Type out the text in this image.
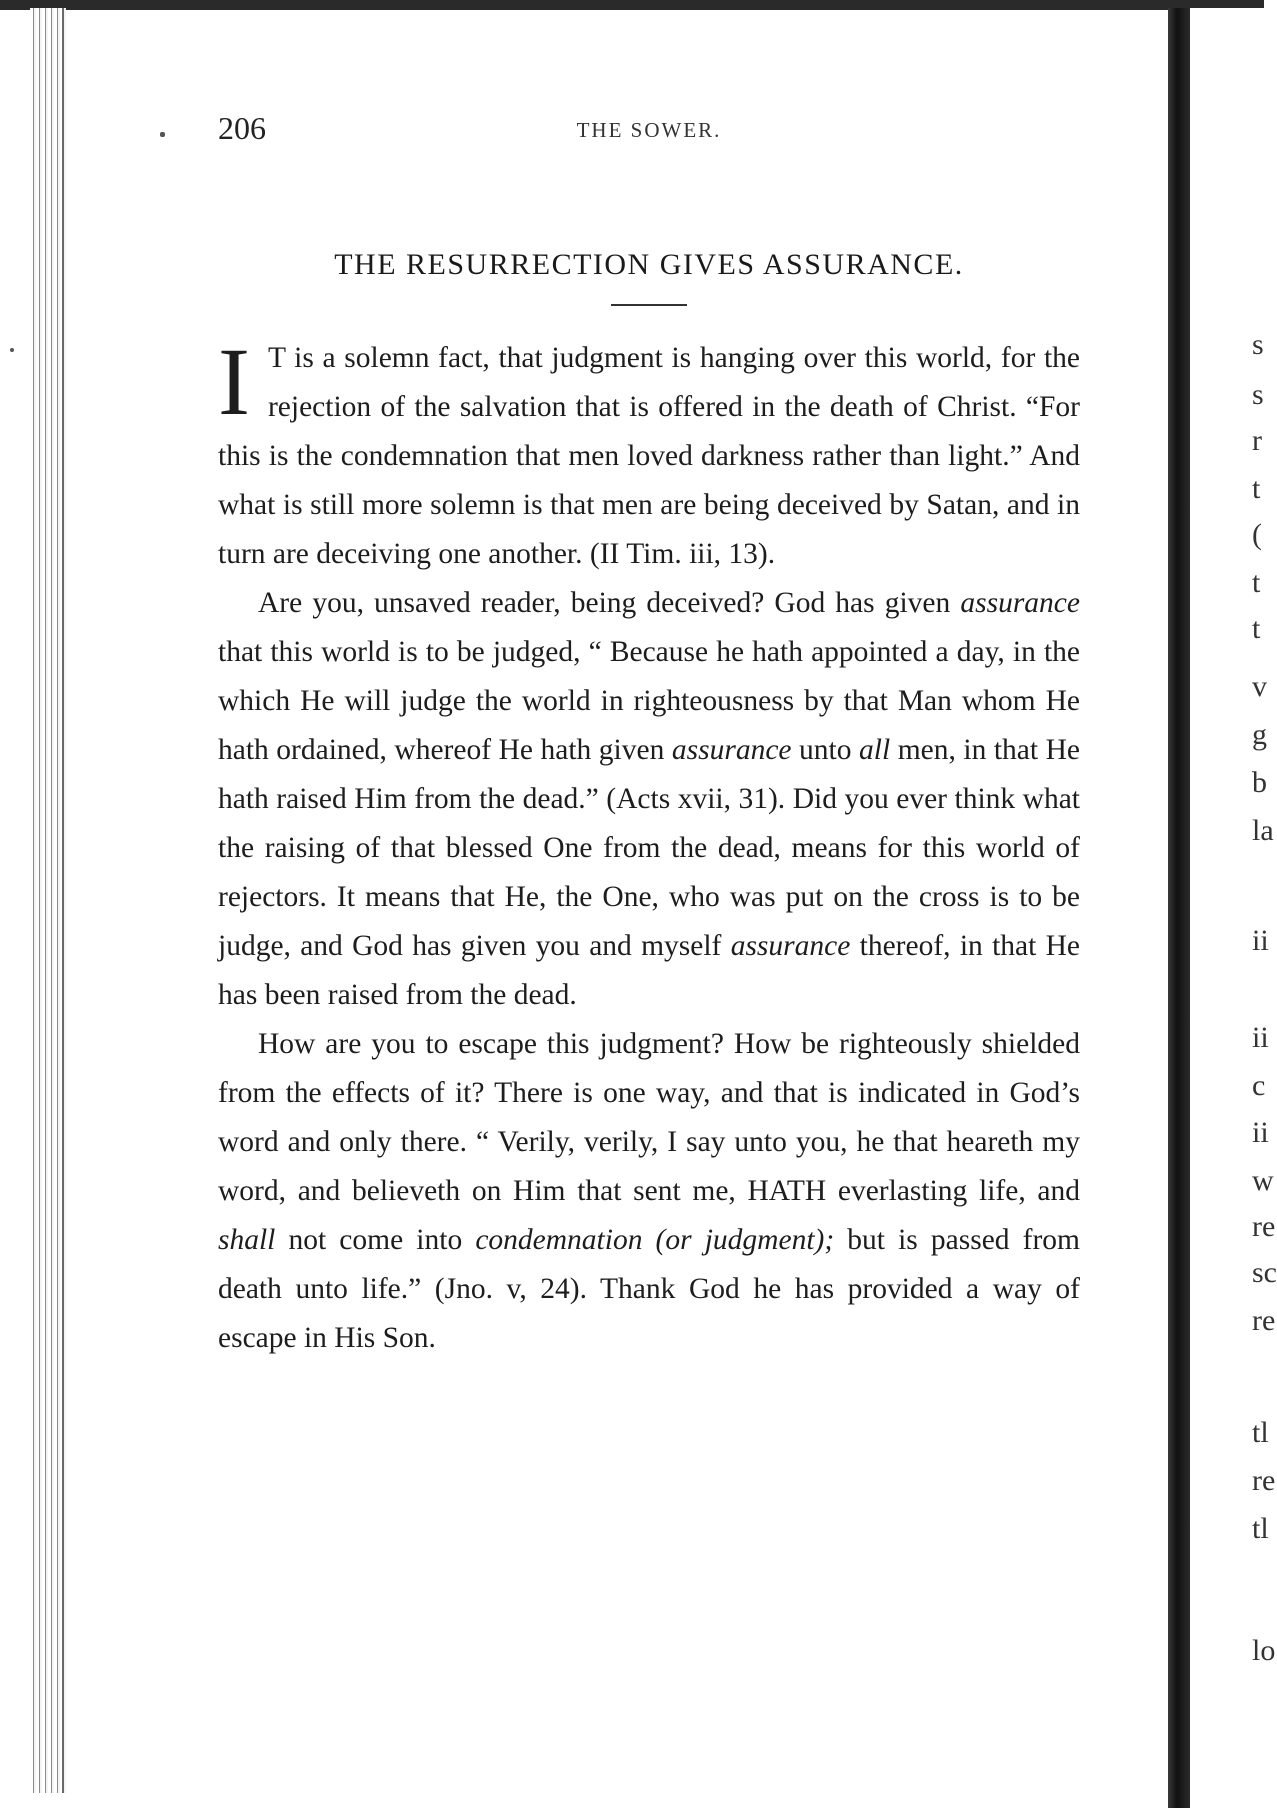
s
s
r
t
(
t
t
v
g
b
la
ii
ii
c
ii
w
re
sc
re
tl
re
tl
lo
206	THE SOWER.
THE RESURRECTION GIVES ASSURANCE.

I T is a solemn fact, that judgment is hanging over this world, for the rejection of the salvation that is offered in the death of Christ. “For this is the condemnation that men loved darkness rather than light.” And what is still more solemn is that men are being deceived by Satan, and in turn are deceiving one another. (II Tim. iii, 13).

Are you, unsaved reader, being deceived? God has given assurance that this world is to be judged, “ Because he hath appointed a day, in the which He will judge the world in righteousness by that Man whom He hath ordained, whereof He hath given assurance unto all men, in that He hath raised Him from the dead.” (Acts xvii, 31). Did you ever think what the raising of that blessed One from the dead, means for this world of rejectors. It means that He, the One, who was put on the cross is to be judge, and God has given you and myself assurance thereof, in that He has been raised from the dead.

How are you to escape this judgment? How be righteously shielded from the effects of it? There is one way, and that is indicated in God’s word and only there. “ Verily, verily, I say unto you, he that heareth my word, and believeth on Him that sent me, HATH everlasting life, and shall not come into condemnation (or judgment); but is passed from death unto life.” (Jno. v, 24). Thank God he has provided a way of escape in His Son.
